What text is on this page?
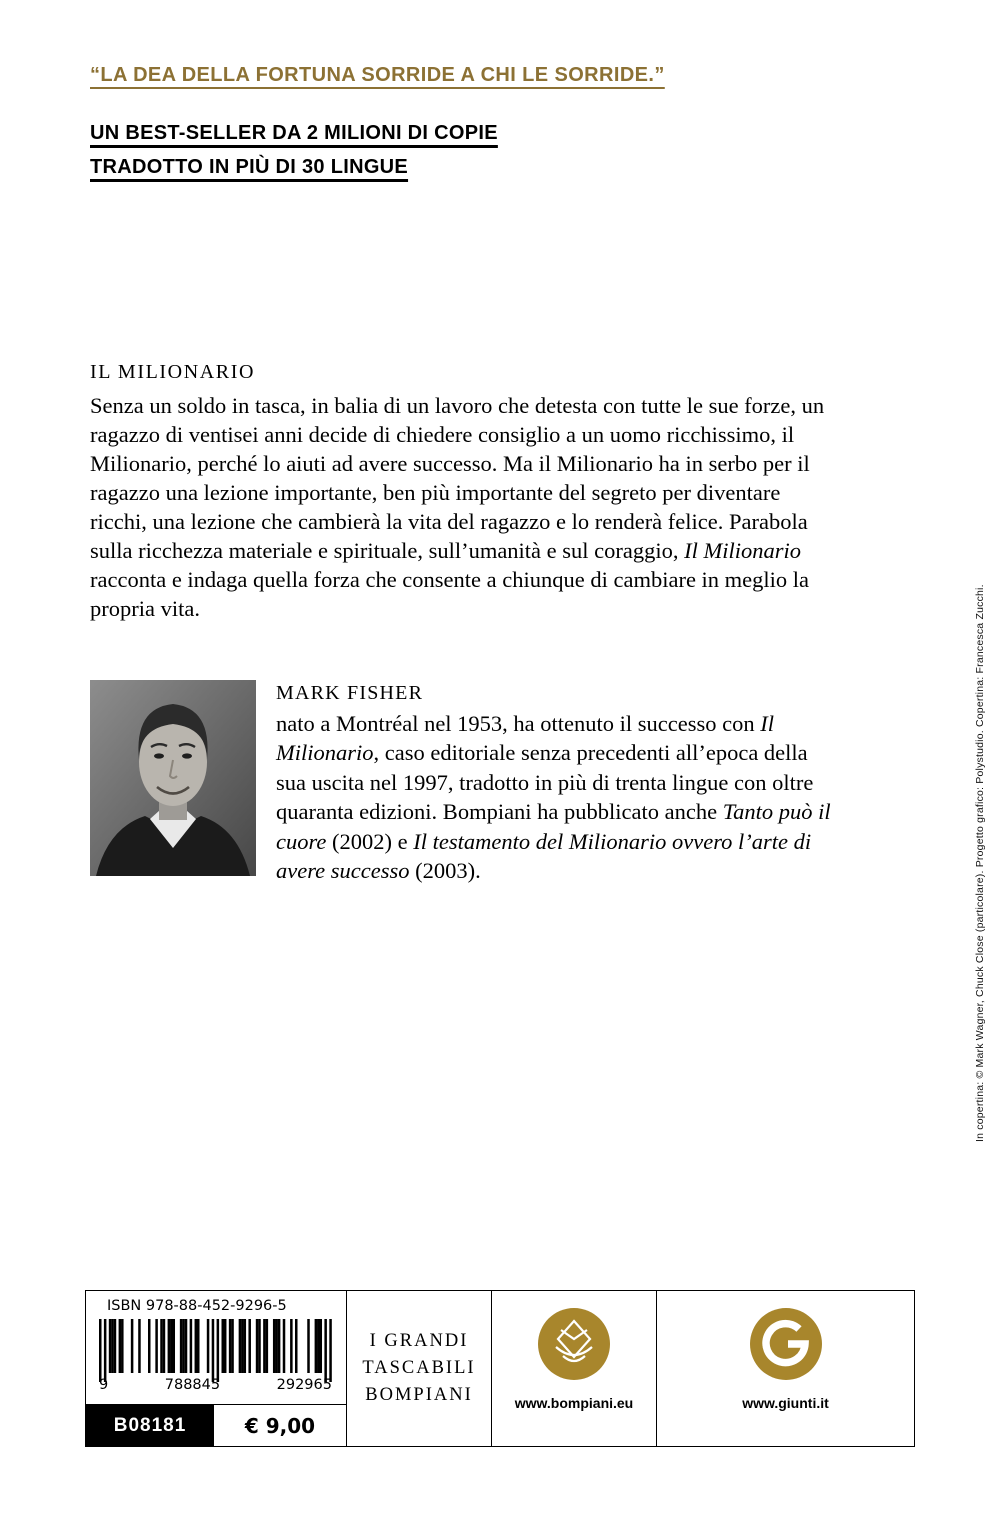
“LA DEA DELLA FORTUNA SORRIDE A CHI LE SORRIDE.”
UN BEST-SELLER DA 2 MILIONI DI COPIE
TRADOTTO IN PIÙ DI 30 LINGUE
IL MILIONARIO
Senza un soldo in tasca, in balia di un lavoro che detesta con tutte le sue forze, un ragazzo di ventisei anni decide di chiedere consiglio a un uomo ricchissimo, il Milionario, perché lo aiuti ad avere successo. Ma il Milionario ha in serbo per il ragazzo una lezione importante, ben più importante del segreto per diventare ricchi, una lezione che cambierà la vita del ragazzo e lo renderà felice. Parabola sulla ricchezza materiale e spirituale, sull’umanità e sul coraggio, Il Milionario racconta e indaga quella forza che consente a chiunque di cambiare in meglio la propria vita.
MARK FISHER
nato a Montréal nel 1953, ha ottenuto il successo con Il Milionario, caso editoriale senza precedenti all’epoca della sua uscita nel 1997, tradotto in più di trenta lingue con oltre quaranta edizioni. Bompiani ha pubblicato anche Tanto può il cuore (2002) e Il testamento del Milionario ovvero l’arte di avere successo (2003).	In copertina: © Mark Wagner, Chuck Close (particolare). Progetto grafico: Polystudio. Copertina: Francesca Zucchi.
ISBN 978-88-452-9296-5
9	788845	292965
B08181	€ 9,00
I GRANDI
TASCABILI
BOMPIANI	www.bompiani.eu	www.giunti.it
